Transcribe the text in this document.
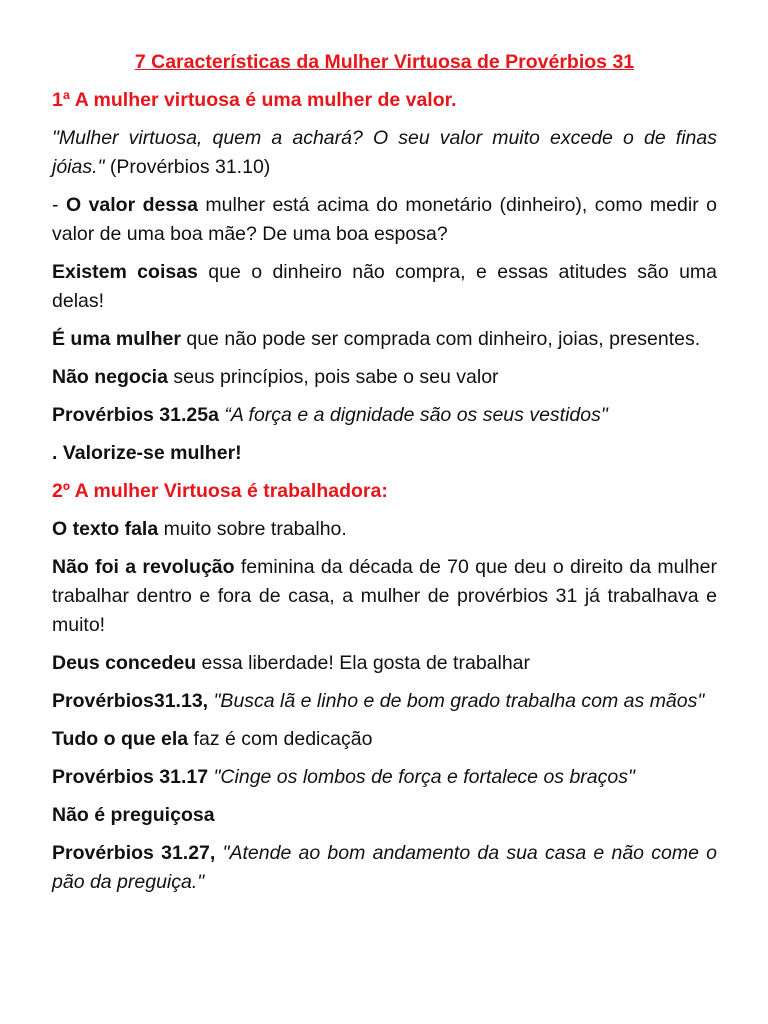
7 Características da Mulher Virtuosa de Provérbios 31
1ª A mulher virtuosa é uma mulher de valor.
"Mulher virtuosa, quem a achará? O seu valor muito excede o de finas jóias." (Provérbios 31.10)
- O valor dessa mulher está acima do monetário (dinheiro), como medir o valor de uma boa mãe? De uma boa esposa?
Existem coisas que o dinheiro não compra, e essas atitudes são uma delas!
É uma mulher que não pode ser comprada com dinheiro, joias, presentes.
Não negocia seus princípios, pois sabe o seu valor
Provérbios 31.25a “A força e a dignidade são os seus vestidos"
. Valorize-se mulher!
2º A mulher Virtuosa é trabalhadora:
O texto fala muito sobre trabalho.
Não foi a revolução feminina da década de 70 que deu o direito da mulher trabalhar dentro e fora de casa, a mulher de provérbios 31 já trabalhava e muito!
Deus concedeu essa liberdade! Ela gosta de trabalhar
Provérbios31.13, "Busca lã e linho e de bom grado trabalha com as mãos"
Tudo o que ela faz é com dedicação
Provérbios 31.17 "Cinge os lombos de força e fortalece os braços"
Não é preguiçosa
Provérbios 31.27, "Atende ao bom andamento da sua casa e não come o pão da preguiça."
